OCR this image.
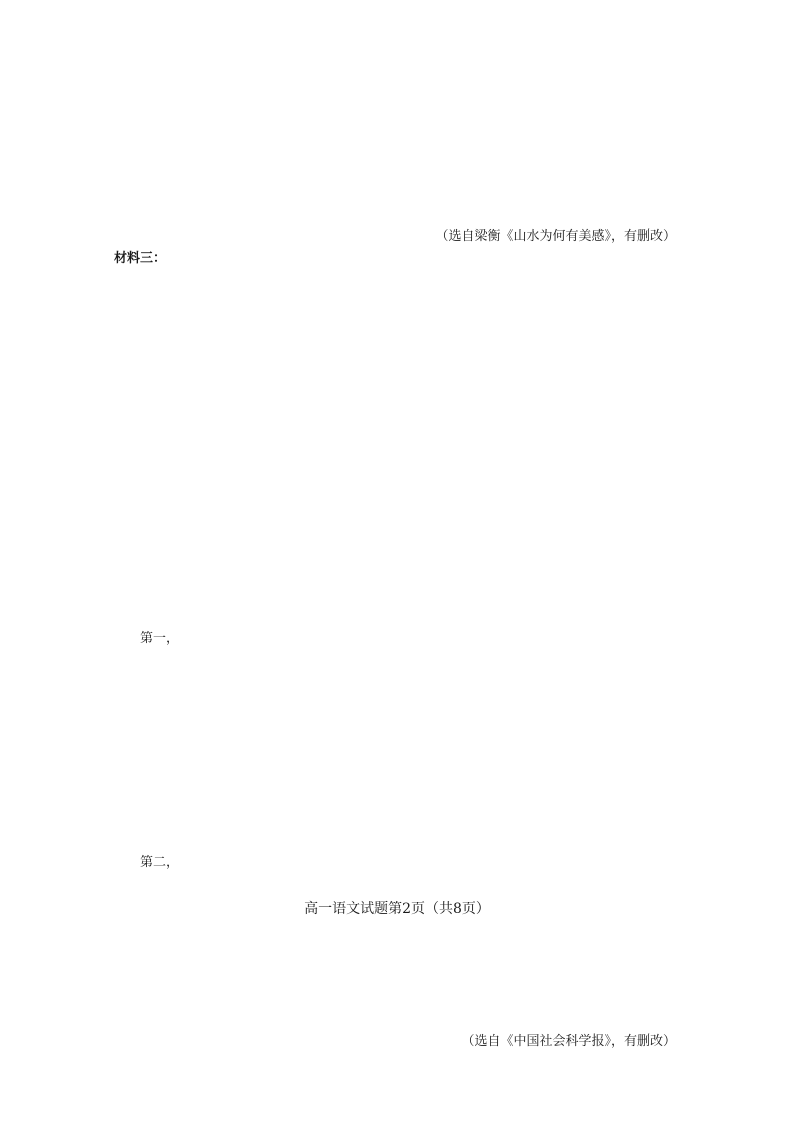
（选自梁衡《山水为何有美感》，有删改）

材料三：

第一，

第二，

（选自《中国社会科学报》，有删改）

高一语文试题第2页（共8页）
